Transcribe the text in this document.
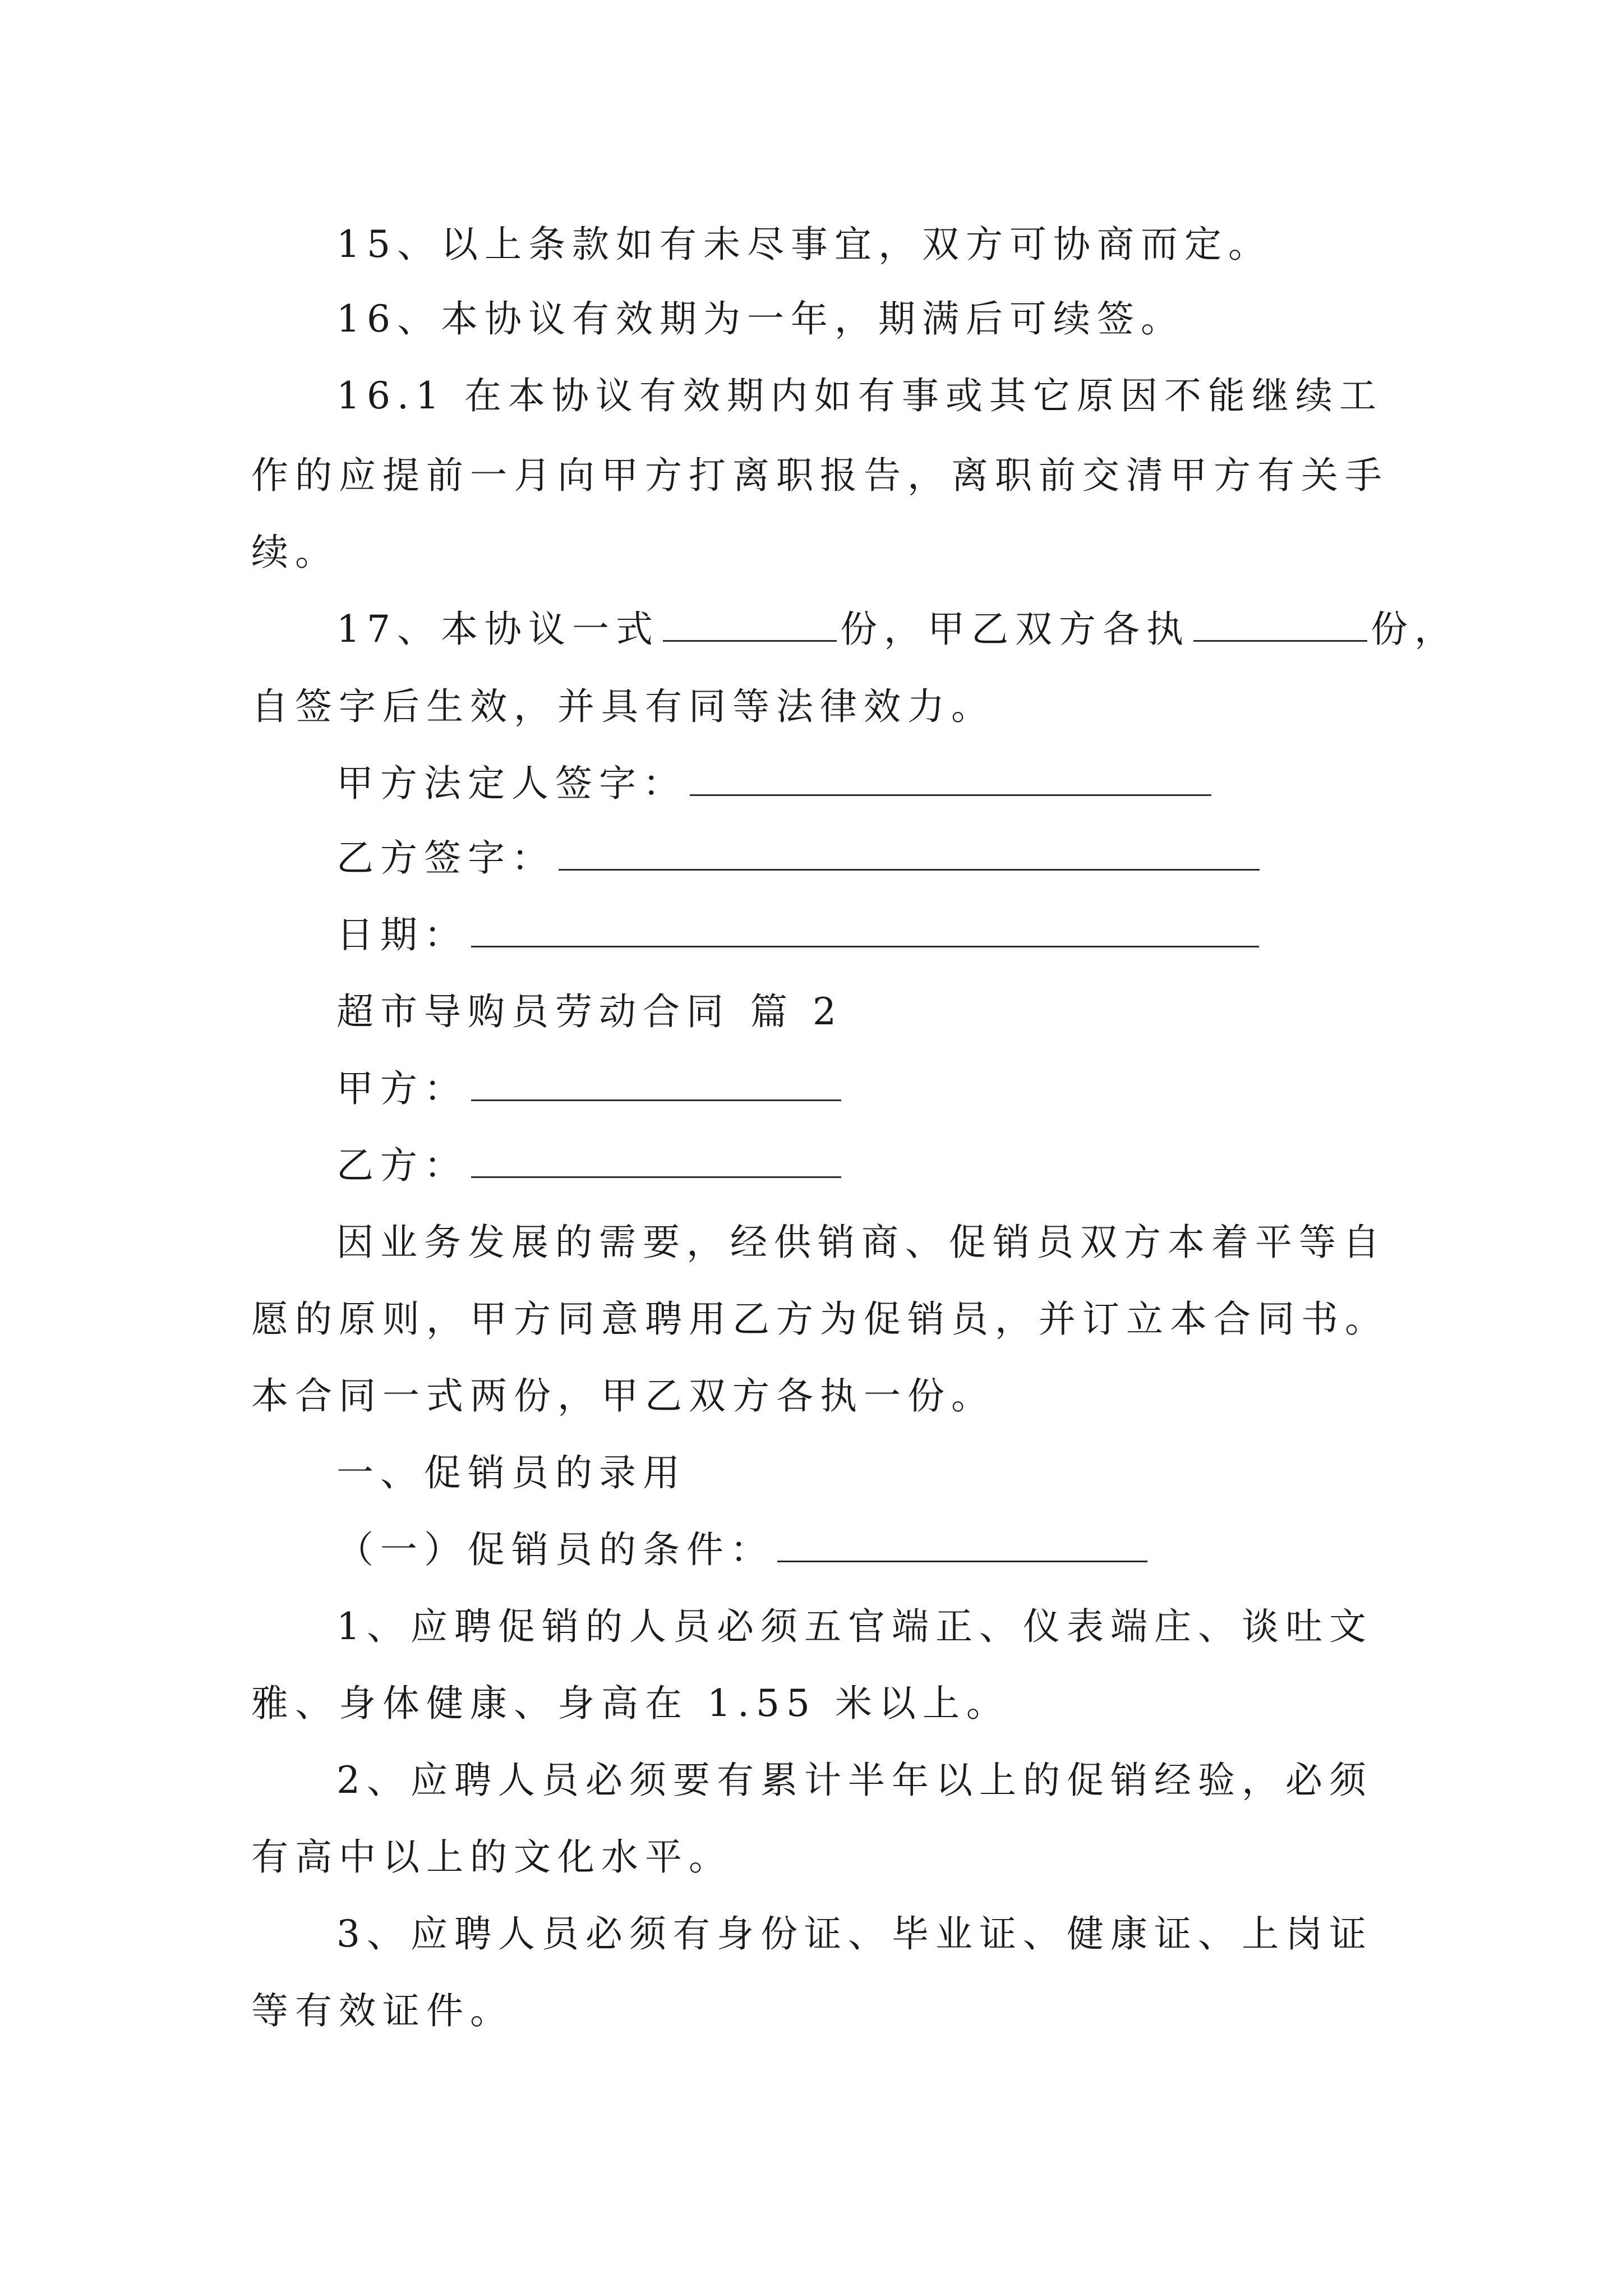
15、以上条款如有未尽事宜，双方可协商而定。
16、本协议有效期为一年，期满后可续签。
16.1 在本协议有效期内如有事或其它原因不能继续工
作的应提前一月向甲方打离职报告，离职前交清甲方有关手
续。
17、本协议一式	份，甲乙双方各执	份，
自签字后生效，并具有同等法律效力。
甲方法定人签字：
乙方签字：
日期：
超市导购员劳动合同 篇 2
甲方：
乙方：
因业务发展的需要，经供销商、促销员双方本着平等自
愿的原则，甲方同意聘用乙方为促销员，并订立本合同书。
本合同一式两份，甲乙双方各执一份。
一、促销员的录用
（一）促销员的条件：
1、应聘促销的人员必须五官端正、仪表端庄、谈吐文
雅、身体健康、身高在 1.55 米以上。
2、应聘人员必须要有累计半年以上的促销经验，必须
有高中以上的文化水平。
3、应聘人员必须有身份证、毕业证、健康证、上岗证
等有效证件。
